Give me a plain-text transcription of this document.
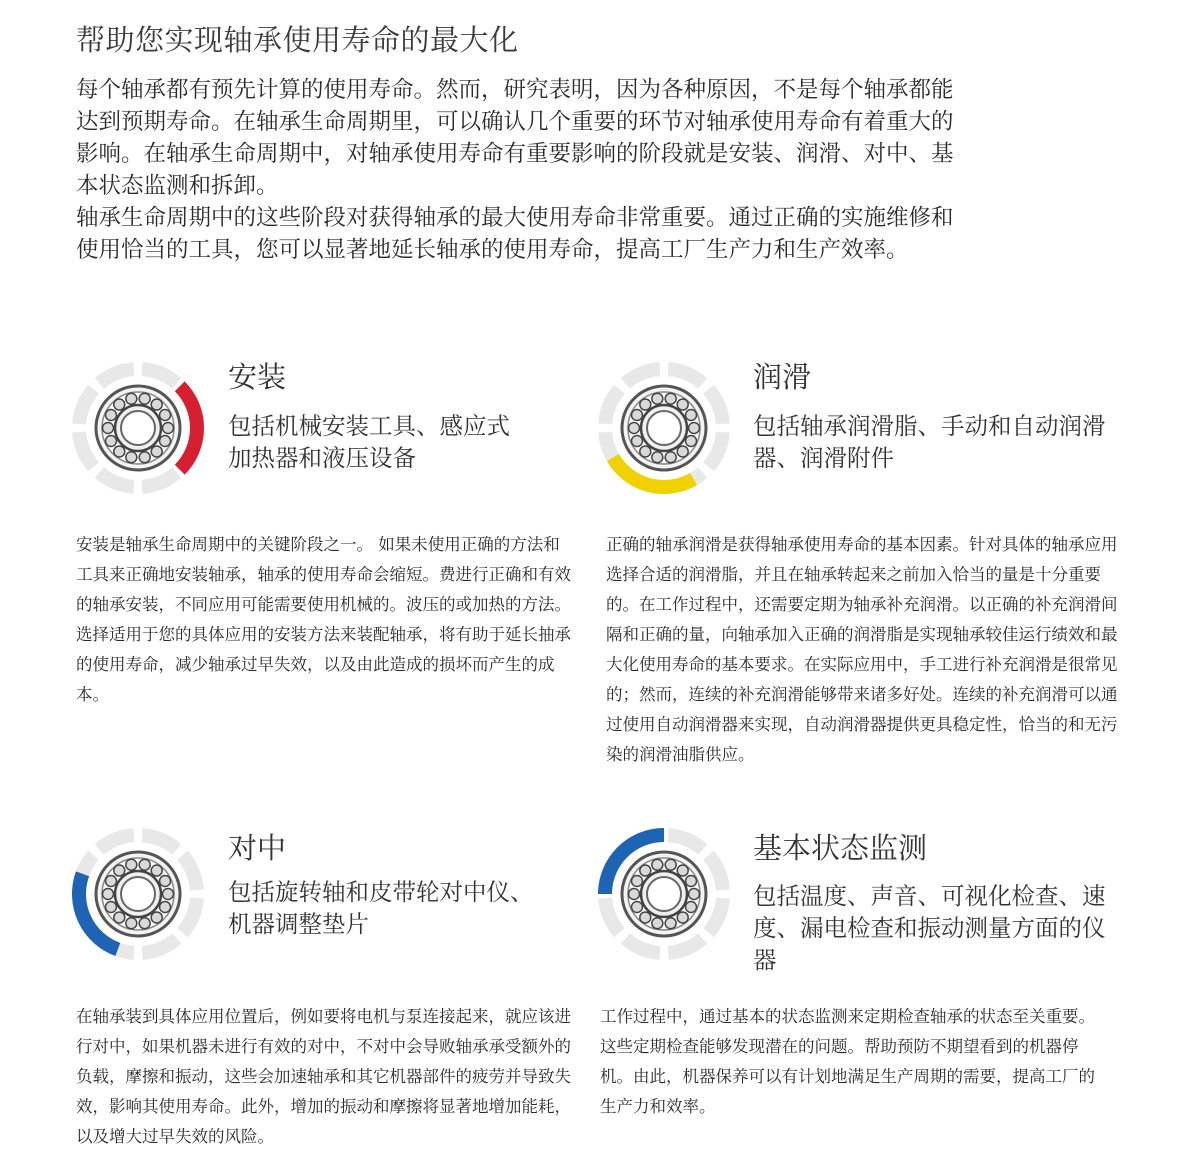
帮助您实现轴承使用寿命的最大化

每个轴承都有预先计算的使用寿命。然而，研究表明，因为各种原因，不是每个轴承都能达到预期寿命。在轴承生命周期里，可以确认几个重要的环节对轴承使用寿命有着重大的影响。在轴承生命周期中，对轴承使用寿命有重要影响的阶段就是安装、润滑、对中、基本状态监测和拆卸。

轴承生命周期中的这些阶段对获得轴承的最大使用寿命非常重要。通过正确的实施维修和使用恰当的工具，您可以显著地延长轴承的使用寿命，提高工厂生产力和生产效率。

安装
包括机械安装工具、感应式加热器和液压设备
安装是轴承生命周期中的关键阶段之一。 如果未使用正确的方法和工具来正确地安装轴承，轴承的使用寿命会缩短。费进行正确和有效的轴承安装，不同应用可能需要使用机械的。波压的或加热的方法。选择适用于您的具体应用的安装方法来装配轴承，将有助于延长抽承的使用寿命，减少轴承过早失效，以及由此造成的损坏而产生的成本。
润滑
包括轴承润滑脂、手动和自动润滑器、润滑附件
正确的轴承润滑是获得轴承使用寿命的基本因素。针对具体的轴承应用选择合适的润滑脂，并且在轴承转起来之前加入恰当的量是十分重要的。在工作过程中，还需要定期为轴承补充润滑。以正确的补充润滑间隔和正确的量，向轴承加入正确的润滑脂是实现轴承较佳运行绩效和最大化使用寿命的基本要求。在实际应用中，手工进行补充润滑是很常见的；然而，连续的补充润滑能够带来诸多好处。连续的补充润滑可以通过使用自动润滑器来实现，自动润滑器提供更具稳定性，恰当的和无污染的润滑油脂供应。
对中
包括旋转轴和皮带轮对中仪、机器调整垫片
在轴承装到具体应用位置后，例如要将电机与泵连接起来，就应该进行对中，如果机器未进行有效的对中，不对中会导败轴承承受额外的负载，摩擦和振动，这些会加速轴承和其它机器部件的疲劳并导致失效，影响其使用寿命。此外，增加的振动和摩擦将显著地增加能耗，以及增大过早失效的风险。
基本状态监测
包括温度、声音、可视化检查、速度、漏电检查和振动测量方面的仪器
工作过程中，通过基本的状态监测来定期检查轴承的状态至关重要。这些定期检查能够发现潜在的问题。帮助预防不期望看到的机器停机。由此，机器保养可以有计划地满足生产周期的需要，提高工厂的生产力和效率。
